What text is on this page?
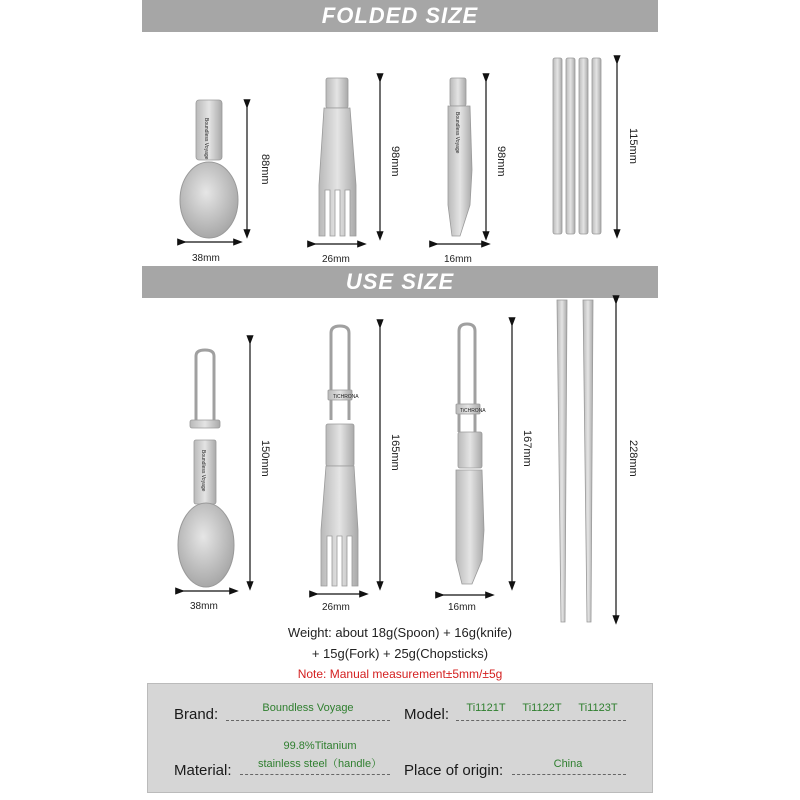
FOLDED SIZE
USE SIZE
Boundless Voyage
88mm
38mm
98mm
26mm
Boundless Voyage
98mm
16mm
115mm
Boundless Voyage	150mm
38mm
TiCHRONA
165mm
26mm
TiCHRONA
167mm
16mm
228mm
Weight: about 18g(Spoon) + 16g(knife)
+ 15g(Fork) + 25g(Chopsticks)
Note: Manual measurement±5mm/±5g
Brand:	Boundless Voyage	Model:	Ti1121T	Ti1122T	Ti1123T
Material:
99.8%Titanium
stainless steel（handle）	Place of origin:	China
